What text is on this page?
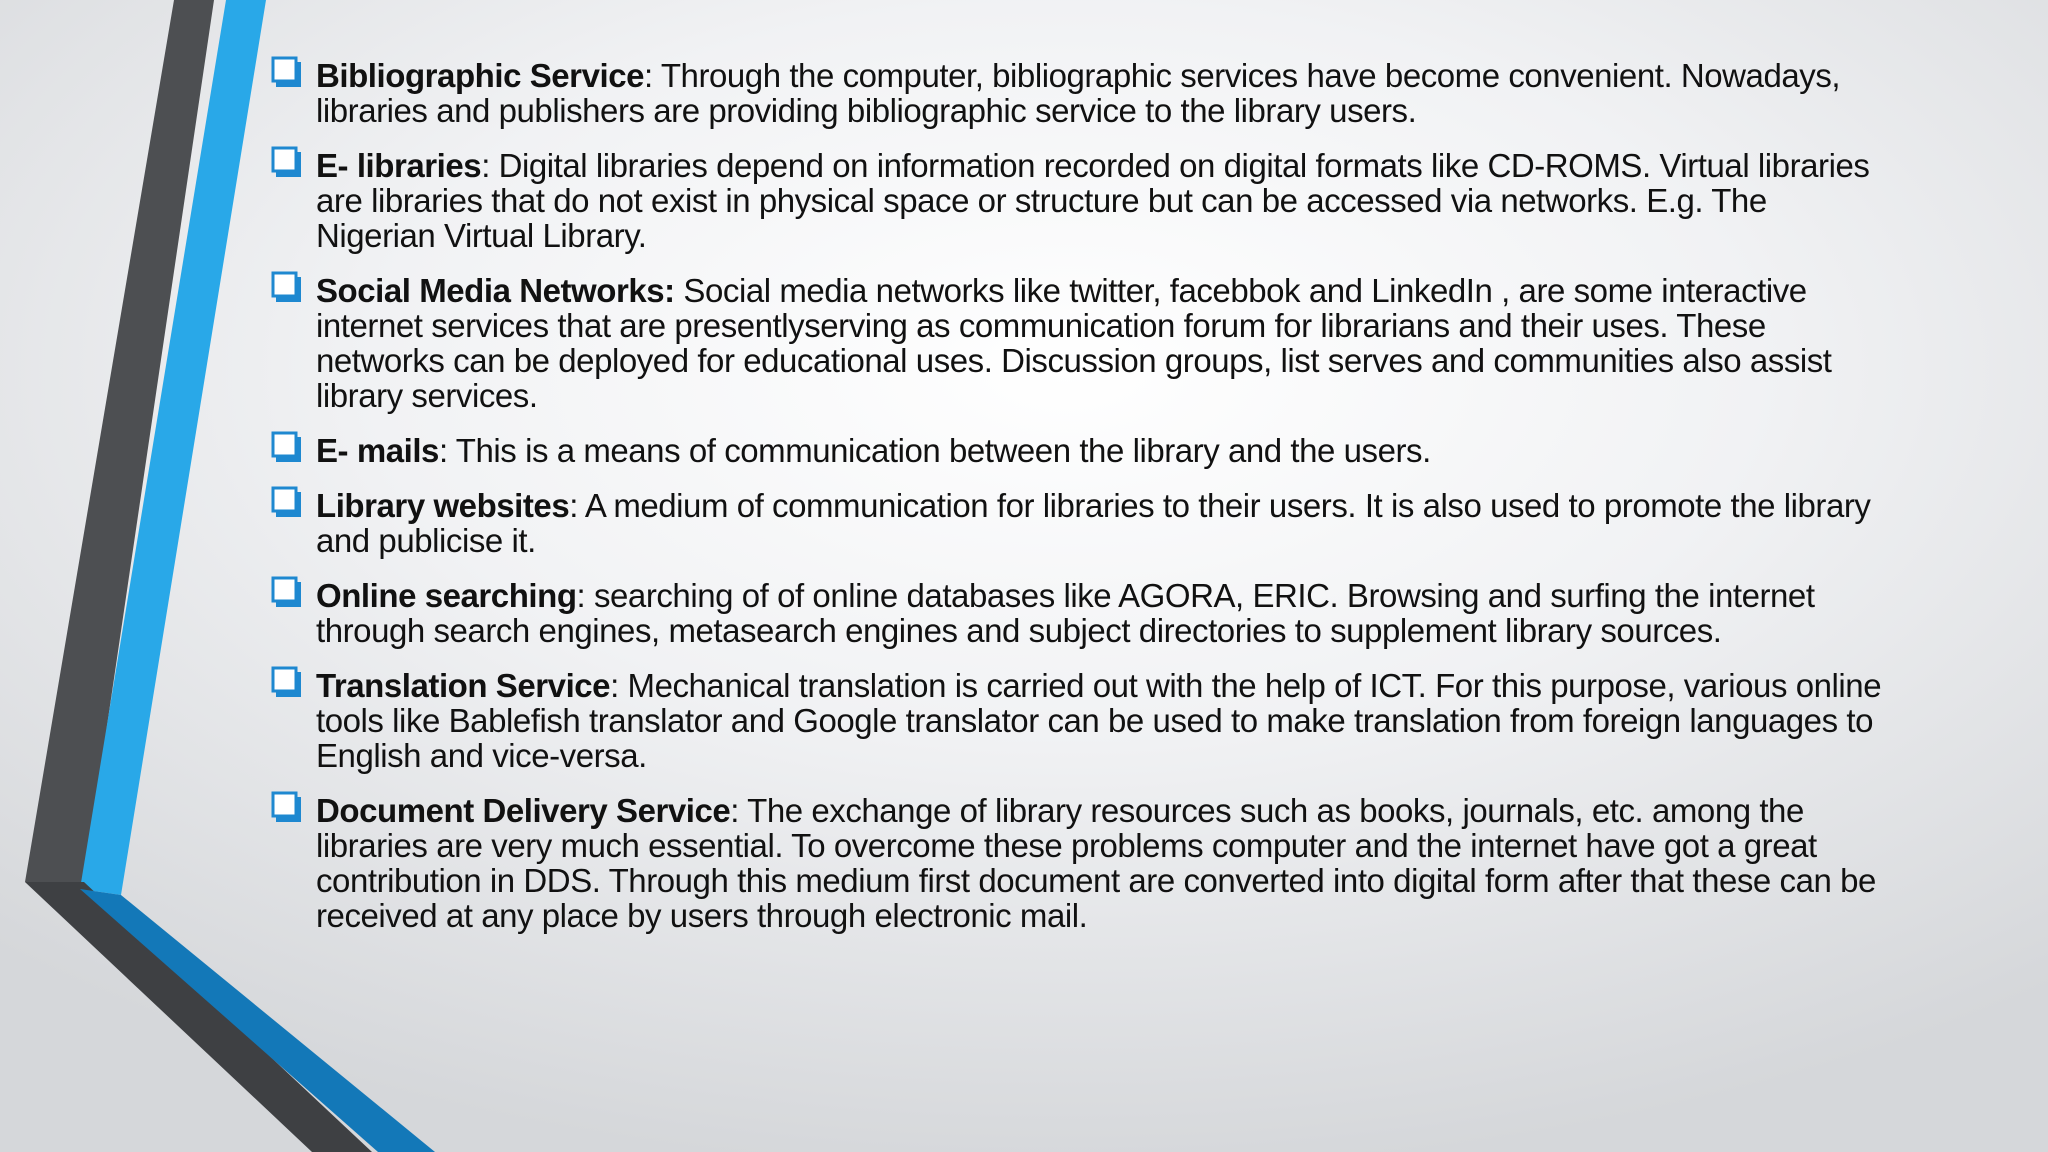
Bibliographic Service: Through the computer, bibliographic services have become convenient. Nowadays, libraries and publishers are providing bibliographic service to the library users.
E- libraries: Digital libraries depend on information recorded on digital formats like CD-ROMS. Virtual libraries are libraries that do not exist in physical space or structure but can be accessed via networks. E.g. The Nigerian Virtual Library.
Social Media Networks: Social media networks like twitter, facebbok and LinkedIn , are some interactive internet services that are presentlyserving as communication forum for librarians and their uses. These networks can be deployed for educational uses. Discussion groups, list serves and communities also assist library services.
E- mails: This is a means of communication between the library and the users.
Library websites: A medium of communication for libraries to their users. It is also used to promote the library and publicise it.
Online searching: searching of of online databases like AGORA, ERIC. Browsing and surfing the internet through search engines, metasearch engines and subject directories to supplement library sources.
Translation Service: Mechanical translation is carried out with the help of ICT. For this purpose, various online tools like Bablefish translator and Google translator can be used to make translation from foreign languages to English and vice-versa.
Document Delivery Service: The exchange of library resources such as books, journals, etc. among the libraries are very much essential. To overcome these problems computer and the internet have got a great contribution in DDS. Through this medium first document are converted into digital form after that these can be received at any place by users through electronic mail.
